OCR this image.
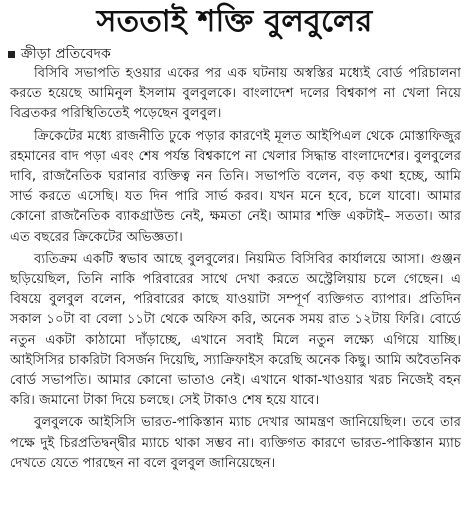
সততাই শক্তি বুলবুলের
ক্রীড়া প্রতিবেদক

বিসিবি সভাপতি হওয়ার একের পর এক ঘটনায় অস্বস্তির মধ্যেই বোর্ড পরিচালনা করতে হয়েছে আমিনুল ইসলাম বুলবুলকে। বাংলাদেশ দলের বিশ্বকাপ না খেলা নিয়ে বিব্রতকর পরিস্থিতিতেই পড়েছেন বুলবুল।

ক্রিকেটের মধ্যে রাজনীতি ঢুকে পড়ার কারণেই মূলত আইপিএল থেকে মোস্তাফিজুর রহমানের বাদ পড়া এবং শেষ পর্যন্ত বিশ্বকাপে না খেলার সিদ্ধান্ত বাংলাদেশের। বুলবুলের দাবি, রাজনৈতিক ঘরানার ব্যক্তিত্ব নন তিনি। সভাপতি বলেন, বড় কথা হচ্ছে, আমি সার্ভ করতে এসেছি। যত দিন পারি সার্ভ করব। যখন মনে হবে, চলে যাবো। আমার কোনো রাজনৈতিক ব্যাকগ্রাউন্ড নেই, ক্ষমতা নেই। আমার শক্তি একটাই– সততা। আর এত বছরের ক্রিকেটের অভিজ্ঞতা।

ব্যতিক্রম একটি স্বভাব আছে বুলবুলের। নিয়মিত বিসিবির কার্যালয়ে আসা। গুঞ্জন ছড়িয়েছিল, তিনি নাকি পরিবারের সাথে দেখা করতে অস্ট্রেলিয়ায় চলে গেছেন। এ বিষয়ে বুলবুল বলেন, পরিবারের কাছে যাওয়াটা সম্পূর্ণ ব্যক্তিগত ব্যাপার। প্রতিদিন সকাল ১০টা বা বেলা ১১টা থেকে অফিস করি, অনেক সময় রাত ১২টায় ফিরি। বোর্ডে নতুন একটা কাঠামো দাঁড়াচ্ছে, এখানে সবাই মিলে নতুন লক্ষ্যে এগিয়ে যাচ্ছি। আইসিসির চাকরিটা বিসর্জন দিয়েছি, স্যাক্রিফাইস করেছি অনেক কিছু। আমি অবৈতনিক বোর্ড সভাপতি। আমার কোনো ভাতাও নেই। এখানে থাকা-খাওয়ার খরচ নিজেই বহন করি। জমানো টাকা দিয়ে চলছে। সেই টাকাও শেষ হয়ে যাবে।

বুলবুলকে আইসিসি ভারত-পাকিস্তান ম্যাচ দেখার আমন্ত্রণ জানিয়েছিল। তবে তার পক্ষে দুই চিরপ্রতিদ্বন্দ্বীর ম্যাচে থাকা সম্ভব না। ব্যক্তিগত কারণে ভারত-পাকিস্তান ম্যাচ দেখতে যেতে পারছেন না বলে বুলবুল জানিয়েছেন।
